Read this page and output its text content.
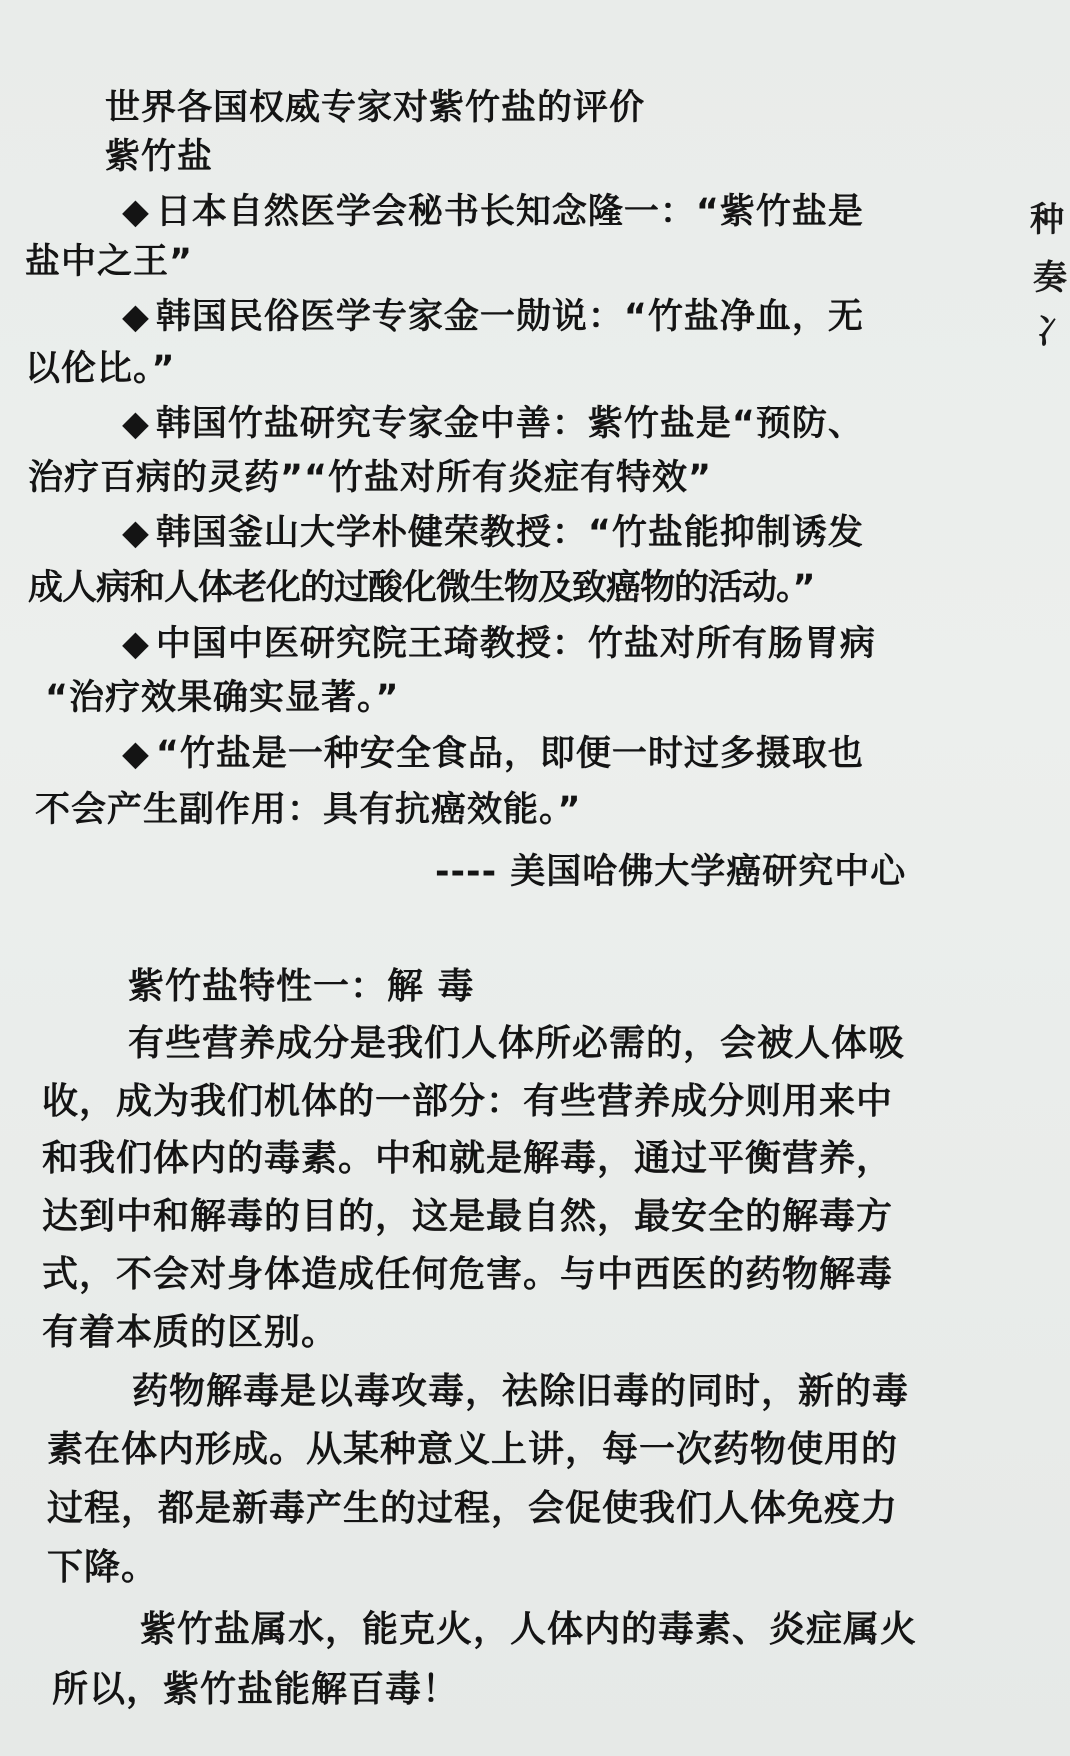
世界各国权威专家对紫竹盐的评价
紫竹盐
◆ 日本自然医学会秘书长知念隆一：“紫竹盐是
盐中之王”
◆ 韩国民俗医学专家金一勋说：“竹盐净血，无
以伦比。”
◆ 韩国竹盐研究专家金中善：紫竹盐是“预防、
治疗百病的灵药”“竹盐对所有炎症有特效”
◆ 韩国釜山大学朴健荣教授：“竹盐能抑制诱发
成人病和人体老化的过酸化微生物及致癌物的活动。”
◆ 中国中医研究院王琦教授：竹盐对所有肠胃病
“治疗效果确实显著。”
◆ “竹盐是一种安全食品，即便一时过多摄取也
不会产生副作用：具有抗癌效能。”
---- 美国哈佛大学癌研究中心
紫竹盐特性一：解 毒
有些营养成分是我们人体所必需的，会被人体吸
收，成为我们机体的一部分：有些营养成分则用来中
和我们体内的毒素。中和就是解毒，通过平衡营养，
达到中和解毒的目的，这是最自然，最安全的解毒方
式，不会对身体造成任何危害。与中西医的药物解毒
有着本质的区别。
药物解毒是以毒攻毒，祛除旧毒的同时，新的毒
素在体内形成。从某种意义上讲，每一次药物使用的
过程，都是新毒产生的过程，会促使我们人体免疫力
下降。
紫竹盐属水，能克火，人体内的毒素、炎症属火
所以，紫竹盐能解百毒！
种
奏
冫
